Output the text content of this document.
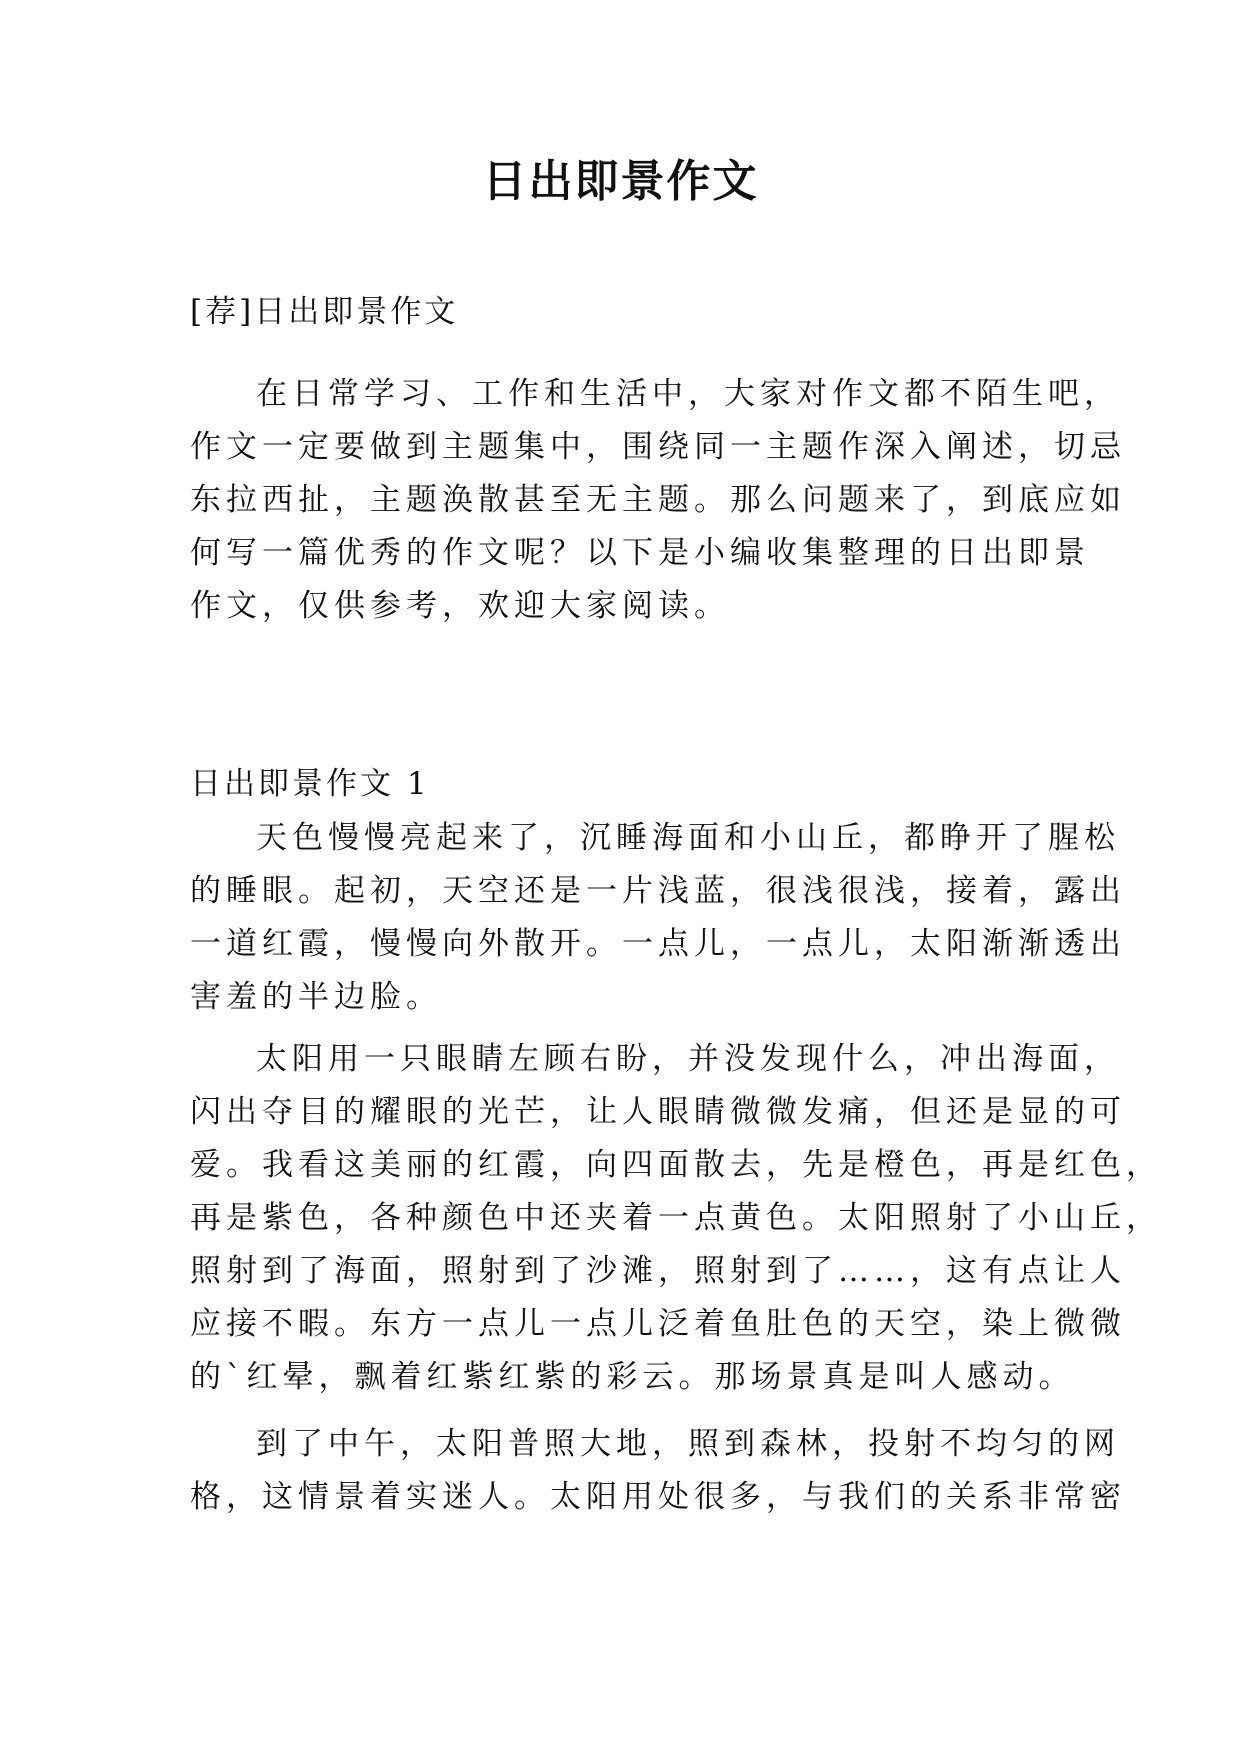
日出即景作文
[荐]日出即景作文
在日常学习、工作和生活中，大家对作文都不陌生吧，
作文一定要做到主题集中，围绕同一主题作深入阐述，切忌
东拉西扯，主题涣散甚至无主题。那么问题来了，到底应如
何写一篇优秀的作文呢？以下是小编收集整理的日出即景
作文，仅供参考，欢迎大家阅读。
日出即景作文 1
天色慢慢亮起来了，沉睡海面和小山丘，都睁开了腥松
的睡眼。起初，天空还是一片浅蓝，很浅很浅，接着，露出
一道红霞，慢慢向外散开。一点儿，一点儿，太阳渐渐透出
害羞的半边脸。
太阳用一只眼睛左顾右盼，并没发现什么，冲出海面，
闪出夺目的耀眼的光芒，让人眼睛微微发痛，但还是显的可
爱。我看这美丽的红霞，向四面散去，先是橙色，再是红色，
再是紫色，各种颜色中还夹着一点黄色。太阳照射了小山丘，
照射到了海面，照射到了沙滩，照射到了……，这有点让人
应接不暇。东方一点儿一点儿泛着鱼肚色的天空，染上微微
的`红晕，飘着红紫红紫的彩云。那场景真是叫人感动。
到了中午，太阳普照大地，照到森林，投射不均匀的网
格，这情景着实迷人。太阳用处很多，与我们的关系非常密
